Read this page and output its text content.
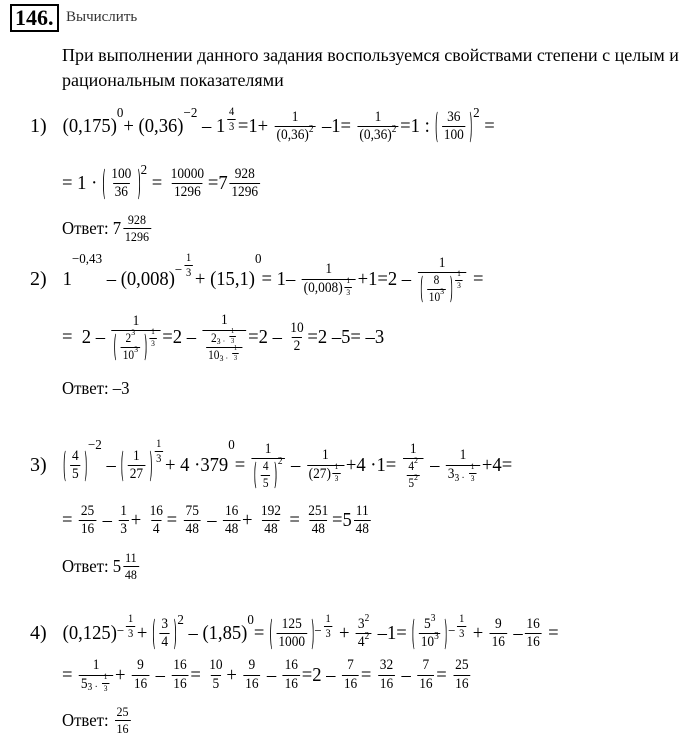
146. Вычислить
При выполнении данного задания воспользуемся свойствами степени с целым и рациональным показателями
1) (0,175)
0
+ (0,36)
−2
– $1 \frac{4}{3} =1+ \frac{1}{(0,36) 2} -1= \frac{1}{(0,36) 2} =1$ : $\frac{36}{100} 2$
=
= $1 \cdot \frac{100}{36} 2$
= $\frac{10000}{1296} =7 \frac{928}{1296}$
Ответ: $7 \frac{928}{1296}$
2) 1
−0,43
– $(0,008) - \frac{1}{3}$
+ (15,1)
0
= $1- \frac{1}{(0,008) \frac{1}{3}} +1=2 - \frac{1}{\frac{8}{10 3} \frac{1}{3}}$ =
=  $2 - \frac{1}{\frac{2 3}{10 3} \frac{1}{3}} =2 - \frac{1}{\frac{2 3 \cdot \frac{1}{3}}{10 3 \cdot \frac{1}{3}}} =2 - \frac{10}{2} =2$ –5= –3
Ответ: –3
3)
$\frac{4}{5}$
−2
– $\frac{1}{27} \frac{1}{3}$
+ 4 ·379
0
= $\frac{1}{\frac{4}{5} 2} - \frac{1}{(27) \frac{1}{3}} +4 \cdot 1= \frac{1}{\frac{4 2}{5 2}} - \frac{1}{3 3 \cdot \frac{1}{3}} +4=$
= $\frac{25}{16} - \frac{1}{3} + \frac{16}{4} = \frac{75}{48} - \frac{16}{48} + \frac{192}{48} = \frac{251}{48} =5 \frac{11}{48}$
Ответ: $5 \frac{11}{48}$
4) $(0,125) - \frac{1}{3} + \frac{3}{4} 2$
– (1,85)
0
= $\frac{125}{1000} - \frac{1}{3} + \frac{3 2}{4 2} -1= \frac{5 3}{10 3} - \frac{1}{3} + \frac{9}{16} - \frac{16}{16}$ =
= $\frac{1}{5 3 \cdot \frac{1}{3}} + \frac{9}{16} - \frac{16}{16} = \frac{10}{5} + \frac{9}{16} - \frac{16}{16} =2 - \frac{7}{16} = \frac{32}{16} - \frac{7}{16} = \frac{25}{16}$
Ответ: $\frac{25}{16}$
